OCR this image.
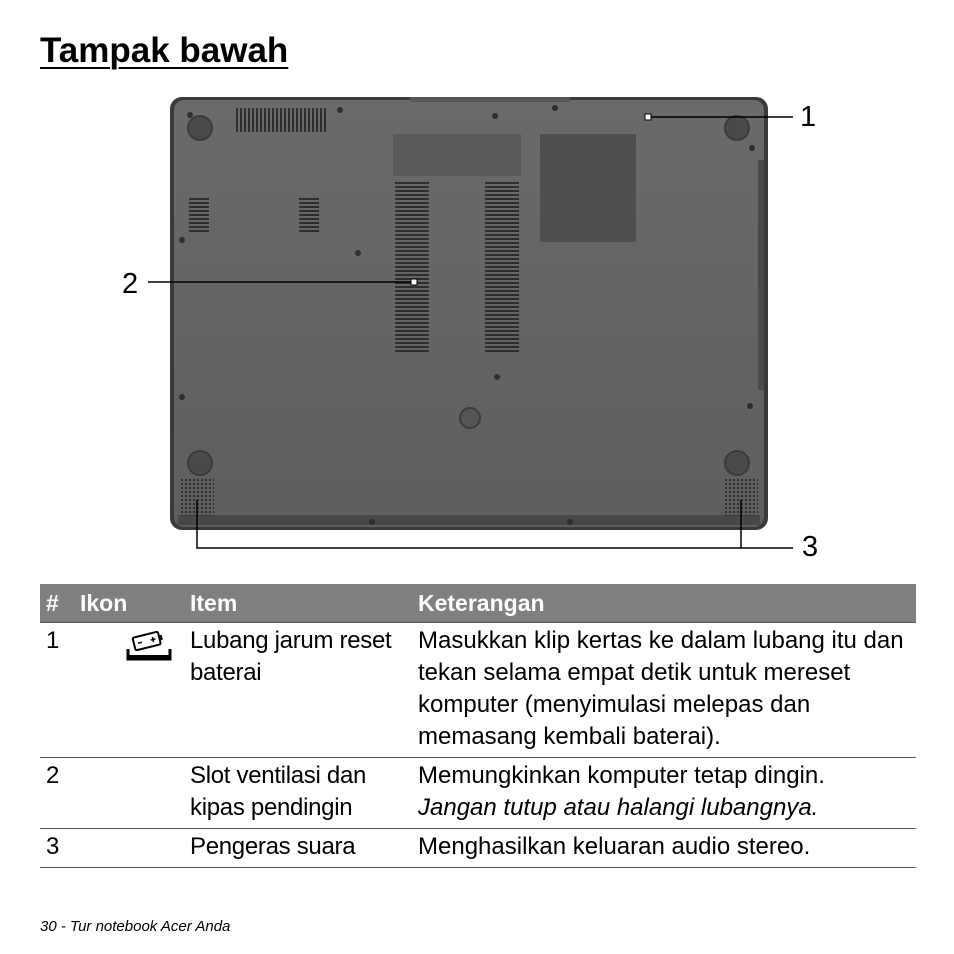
Tampak bawah
1
2
3
#	Ikon	Item	Keterangan
1		Lubang jarum reset baterai	Masukkan klip kertas ke dalam lubang itu dan tekan selama empat detik untuk mereset komputer (menyimulasi melepas dan memasang kembali baterai).
2		Slot ventilasi dan kipas pendingin	Memungkinkan komputer tetap dingin.
Jangan tutup atau halangi lubangnya.

3		Pengeras suara	Menghasilkan keluaran audio stereo.
30 - Tur notebook Acer Anda
